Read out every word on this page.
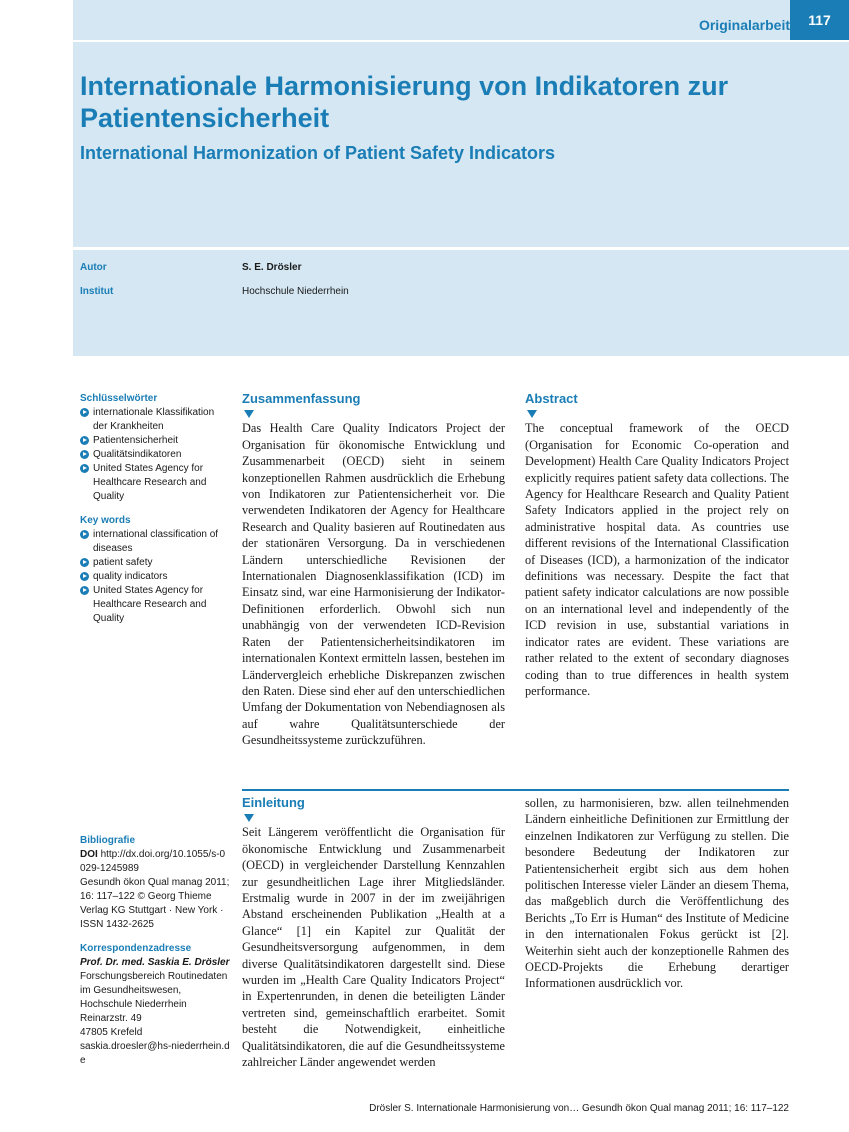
Originalarbeit	117
Internationale Harmonisierung von Indikatoren zur Patientensicherheit
International Harmonization of Patient Safety Indicators
Autor	S. E. Drösler
Institut	Hochschule Niederrhein
Schlüsselwörter
internationale Klassifikation der Krankheiten
Patientensicherheit
Qualitätsindikatoren
United States Agency for Healthcare Research and Quality
Key words
international classification of diseases
patient safety
quality indicators
United States Agency for Healthcare Research and Quality
Zusammenfassung

Das Health Care Quality Indicators Project der Organisation für ökonomische Entwicklung und Zusammenarbeit (OECD) sieht in seinem konzeptionellen Rahmen ausdrücklich die Erhebung von Indikatoren zur Patientensicherheit vor. Die verwendeten Indikatoren der Agency for Healthcare Research and Quality basieren auf Routinedaten aus der stationären Versorgung. Da in verschiedenen Ländern unterschiedliche Revisionen der Internationalen Diagnosenklassifikation (ICD) im Einsatz sind, war eine Harmonisierung der Indikator-Definitionen erforderlich. Obwohl sich nun unabhängig von der verwendeten ICD-Revision Raten der Patientensicherheitsindikatoren im internationalen Kontext ermitteln lassen, bestehen im Ländervergleich erhebliche Diskrepanzen zwischen den Raten. Diese sind eher auf den unterschiedlichen Umfang der Dokumentation von Nebendiagnosen als auf wahre Qualitätsunterschiede der Gesundheitssysteme zurückzuführen.

Abstract

The conceptual framework of the OECD (Organisation for Economic Co-operation and Development) Health Care Quality Indicators Project explicitly requires patient safety data collections. The Agency for Healthcare Research and Quality Patient Safety Indicators applied in the project rely on administrative hospital data. As countries use different revisions of the International Classification of Diseases (ICD), a harmonization of the indicator definitions was necessary. Despite the fact that patient safety indicator calculations are now possible on an international level and independently of the ICD revision in use, substantial variations in indicator rates are evident. These variations are rather related to the extent of secondary diagnoses coding than to true differences in health system performance.

Einleitung

Seit Längerem veröffentlicht die Organisation für ökonomische Entwicklung und Zusammenarbeit (OECD) in vergleichender Darstellung Kennzahlen zur gesundheitlichen Lage ihrer Mitgliedsländer. Erstmalig wurde in 2007 in der im zweijährigen Abstand erscheinenden Publikation „Health at a Glance“ [1] ein Kapitel zur Qualität der Gesundheitsversorgung aufgenommen, in dem diverse Qualitätsindikatoren dargestellt sind. Diese wurden im „Health Care Quality Indicators Project“ in Expertenrunden, in denen die beteiligten Länder vertreten sind, gemeinschaftlich erarbeitet. Somit besteht die Notwendigkeit, einheitliche Qualitätsindikatoren, die auf die Gesundheitssysteme zahlreicher Länder angewendet werden

sollen, zu harmonisieren, bzw. allen teilnehmenden Ländern einheitliche Definitionen zur Ermittlung der einzelnen Indikatoren zur Verfügung zu stellen. Die besondere Bedeutung der Indikatoren zur Patientensicherheit ergibt sich aus dem hohen politischen Interesse vieler Länder an diesem Thema, das maßgeblich durch die Veröffentlichung des Berichts „To Err is Human“ des Institute of Medicine in den internationalen Fokus gerückt ist [2]. Weiterhin sieht auch der konzeptionelle Rahmen des OECD-Projekts die Erhebung derartiger Informationen ausdrücklich vor.

Bibliografie
DOI http://dx.doi.org/10.1055/s-0029-1245989
Gesundh ökon Qual manag 2011; 16: 117–122 © Georg Thieme Verlag KG Stuttgart · New York · ISSN 1432-2625
Korrespondenzadresse
Prof. Dr. med. Saskia E. Drösler
Forschungsbereich Routinedaten im Gesundheitswesen,
Hochschule Niederrhein
Reinarzstr. 49
47805 Krefeld
saskia.droesler@hs-niederrhein.de
Drösler S. Internationale Harmonisierung von… Gesundh ökon Qual manag 2011; 16: 117–122
